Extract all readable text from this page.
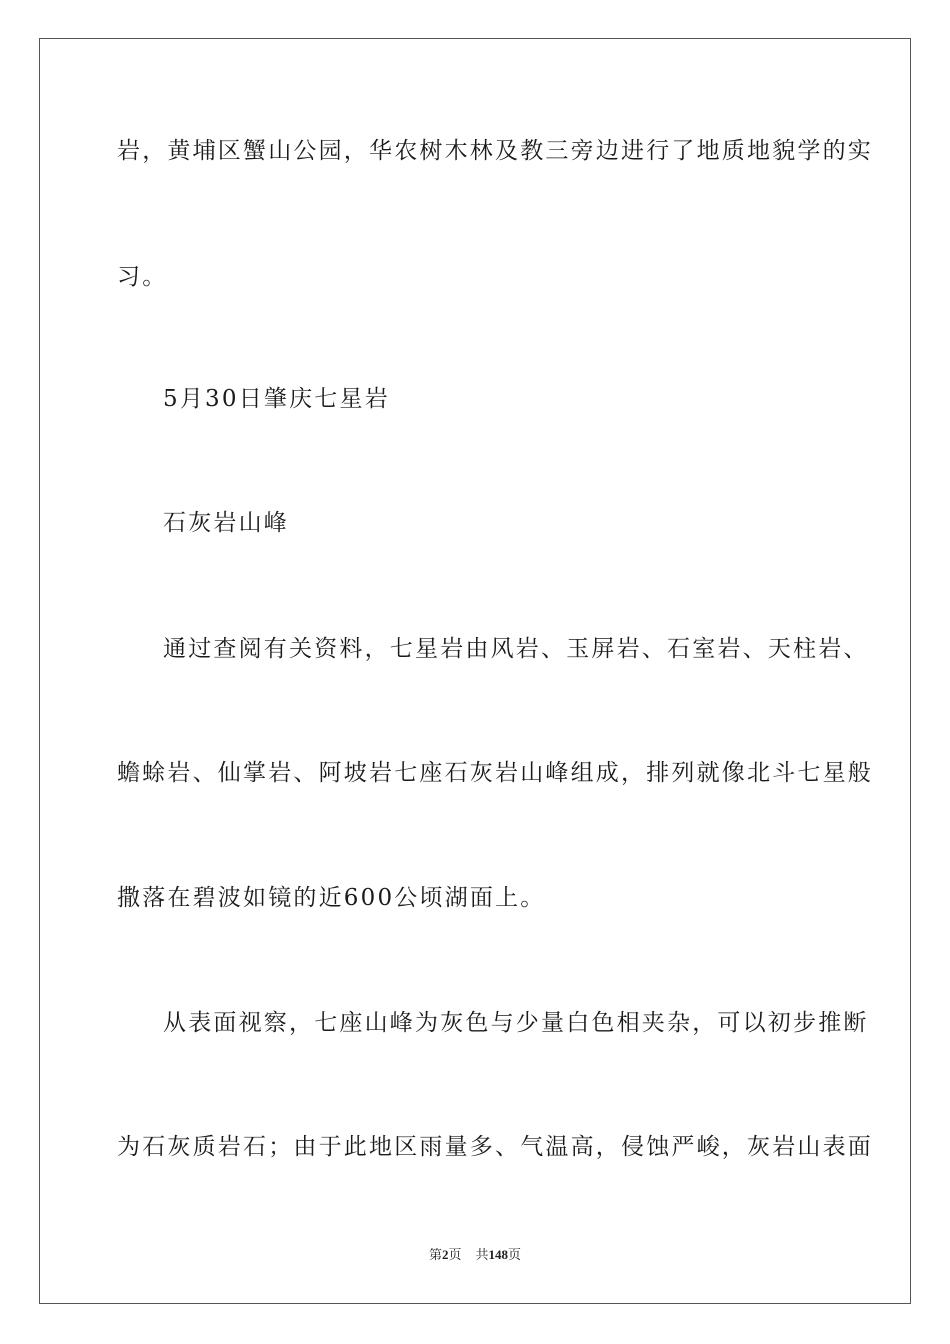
岩，黄埔区蟹山公园，华农树木林及教三旁边进行了地质地貌学的实
习。
5月30日肇庆七星岩
石灰岩山峰
通过查阅有关资料，七星岩由风岩、玉屏岩、石室岩、天柱岩、
蟾蜍岩、仙掌岩、阿坡岩七座石灰岩山峰组成，排列就像北斗七星般
撒落在碧波如镜的近600公顷湖面上。
从表面视察，七座山峰为灰色与少量白色相夹杂，可以初步推断
为石灰质岩石；由于此地区雨量多、气温高，侵蚀严峻，灰岩山表面
第2页 共148页
